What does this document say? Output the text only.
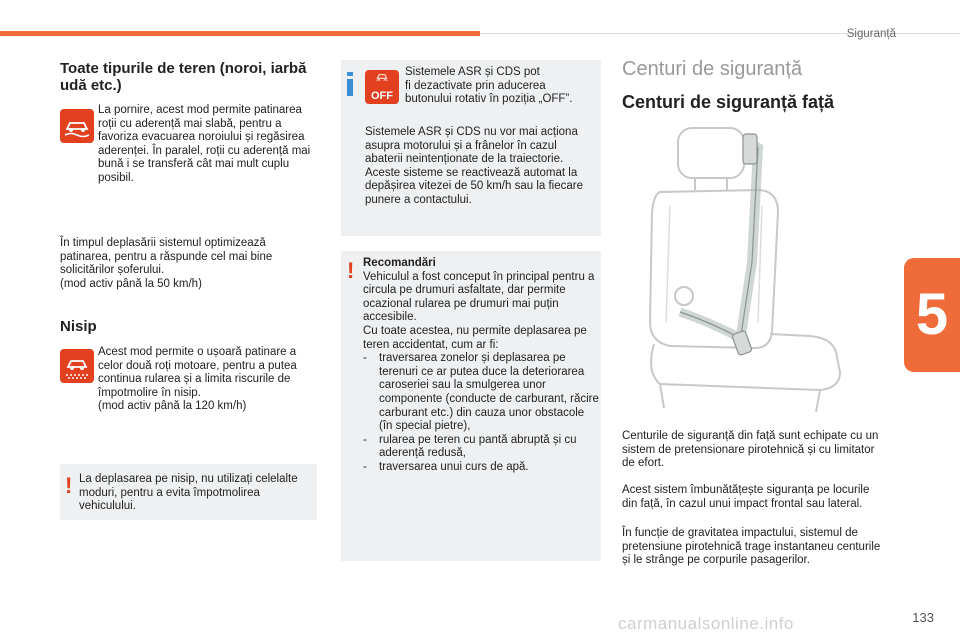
Siguranță
5
Toate tipurile de teren (noroi, iarbă udă etc.)
La pornire, acest mod permite patinarea roții cu aderență mai slabă, pentru a favoriza evacuarea noroiului și regăsirea aderenței. În paralel, roții cu aderență mai bună i se transferă cât mai mult cuplu posibil.
În timpul deplasării sistemul optimizează
patinarea, pentru a răspunde cel mai bine
solicitărilor șoferului.
(mod activ până la 50 km/h)
Nisip
Acest mod permite o ușoară patinare a
celor două roți motoare, pentru a putea
continua rularea și a limita riscurile de
împotmolire în nisip.
(mod activ până la 120 km/h)
! La deplasarea pe nisip, nu utilizați celelalte moduri, pentru a evita împotmolirea vehiculului.
OFF
Sistemele ASR și CDS pot
fi dezactivate prin aducerea
butonului rotativ în poziția „OFF”.
Sistemele ASR și CDS nu vor mai acționa asupra motorului și a frânelor în cazul abaterii neintenționate de la traiectorie. Aceste sisteme se reactivează automat la depășirea vitezei de 50 km/h sau la fiecare punere a contactului.
! Recomandări
Vehiculul a fost conceput în principal pentru a circula pe drumuri asfaltate, dar permite ocazional rularea pe drumuri mai puțin accesibile.
Cu toate acestea, nu permite deplasarea pe teren accidentat, cum ar fi:
- traversarea zonelor și deplasarea pe terenuri ce ar putea duce la deteriorarea caroseriei sau la smulgerea unor componente (conducte de carburant, răcire carburant etc.) din cauza unor obstacole (în special pietre),
- rularea pe teren cu pantă abruptă și cu aderență redusă,
- traversarea unui curs de apă.
Centuri de siguranță
Centuri de siguranță față
Centurile de siguranță din față sunt echipate cu un sistem de pretensionare pirotehnică și cu limitator de efort.
Acest sistem îmbunătățește siguranța pe locurile din față, în cazul unui impact frontal sau lateral.
În funcție de gravitatea impactului, sistemul de pretensiune pirotehnică trage instantaneu centurile și le strânge pe corpurile pasagerilor.
carmanualsonline.info	133
